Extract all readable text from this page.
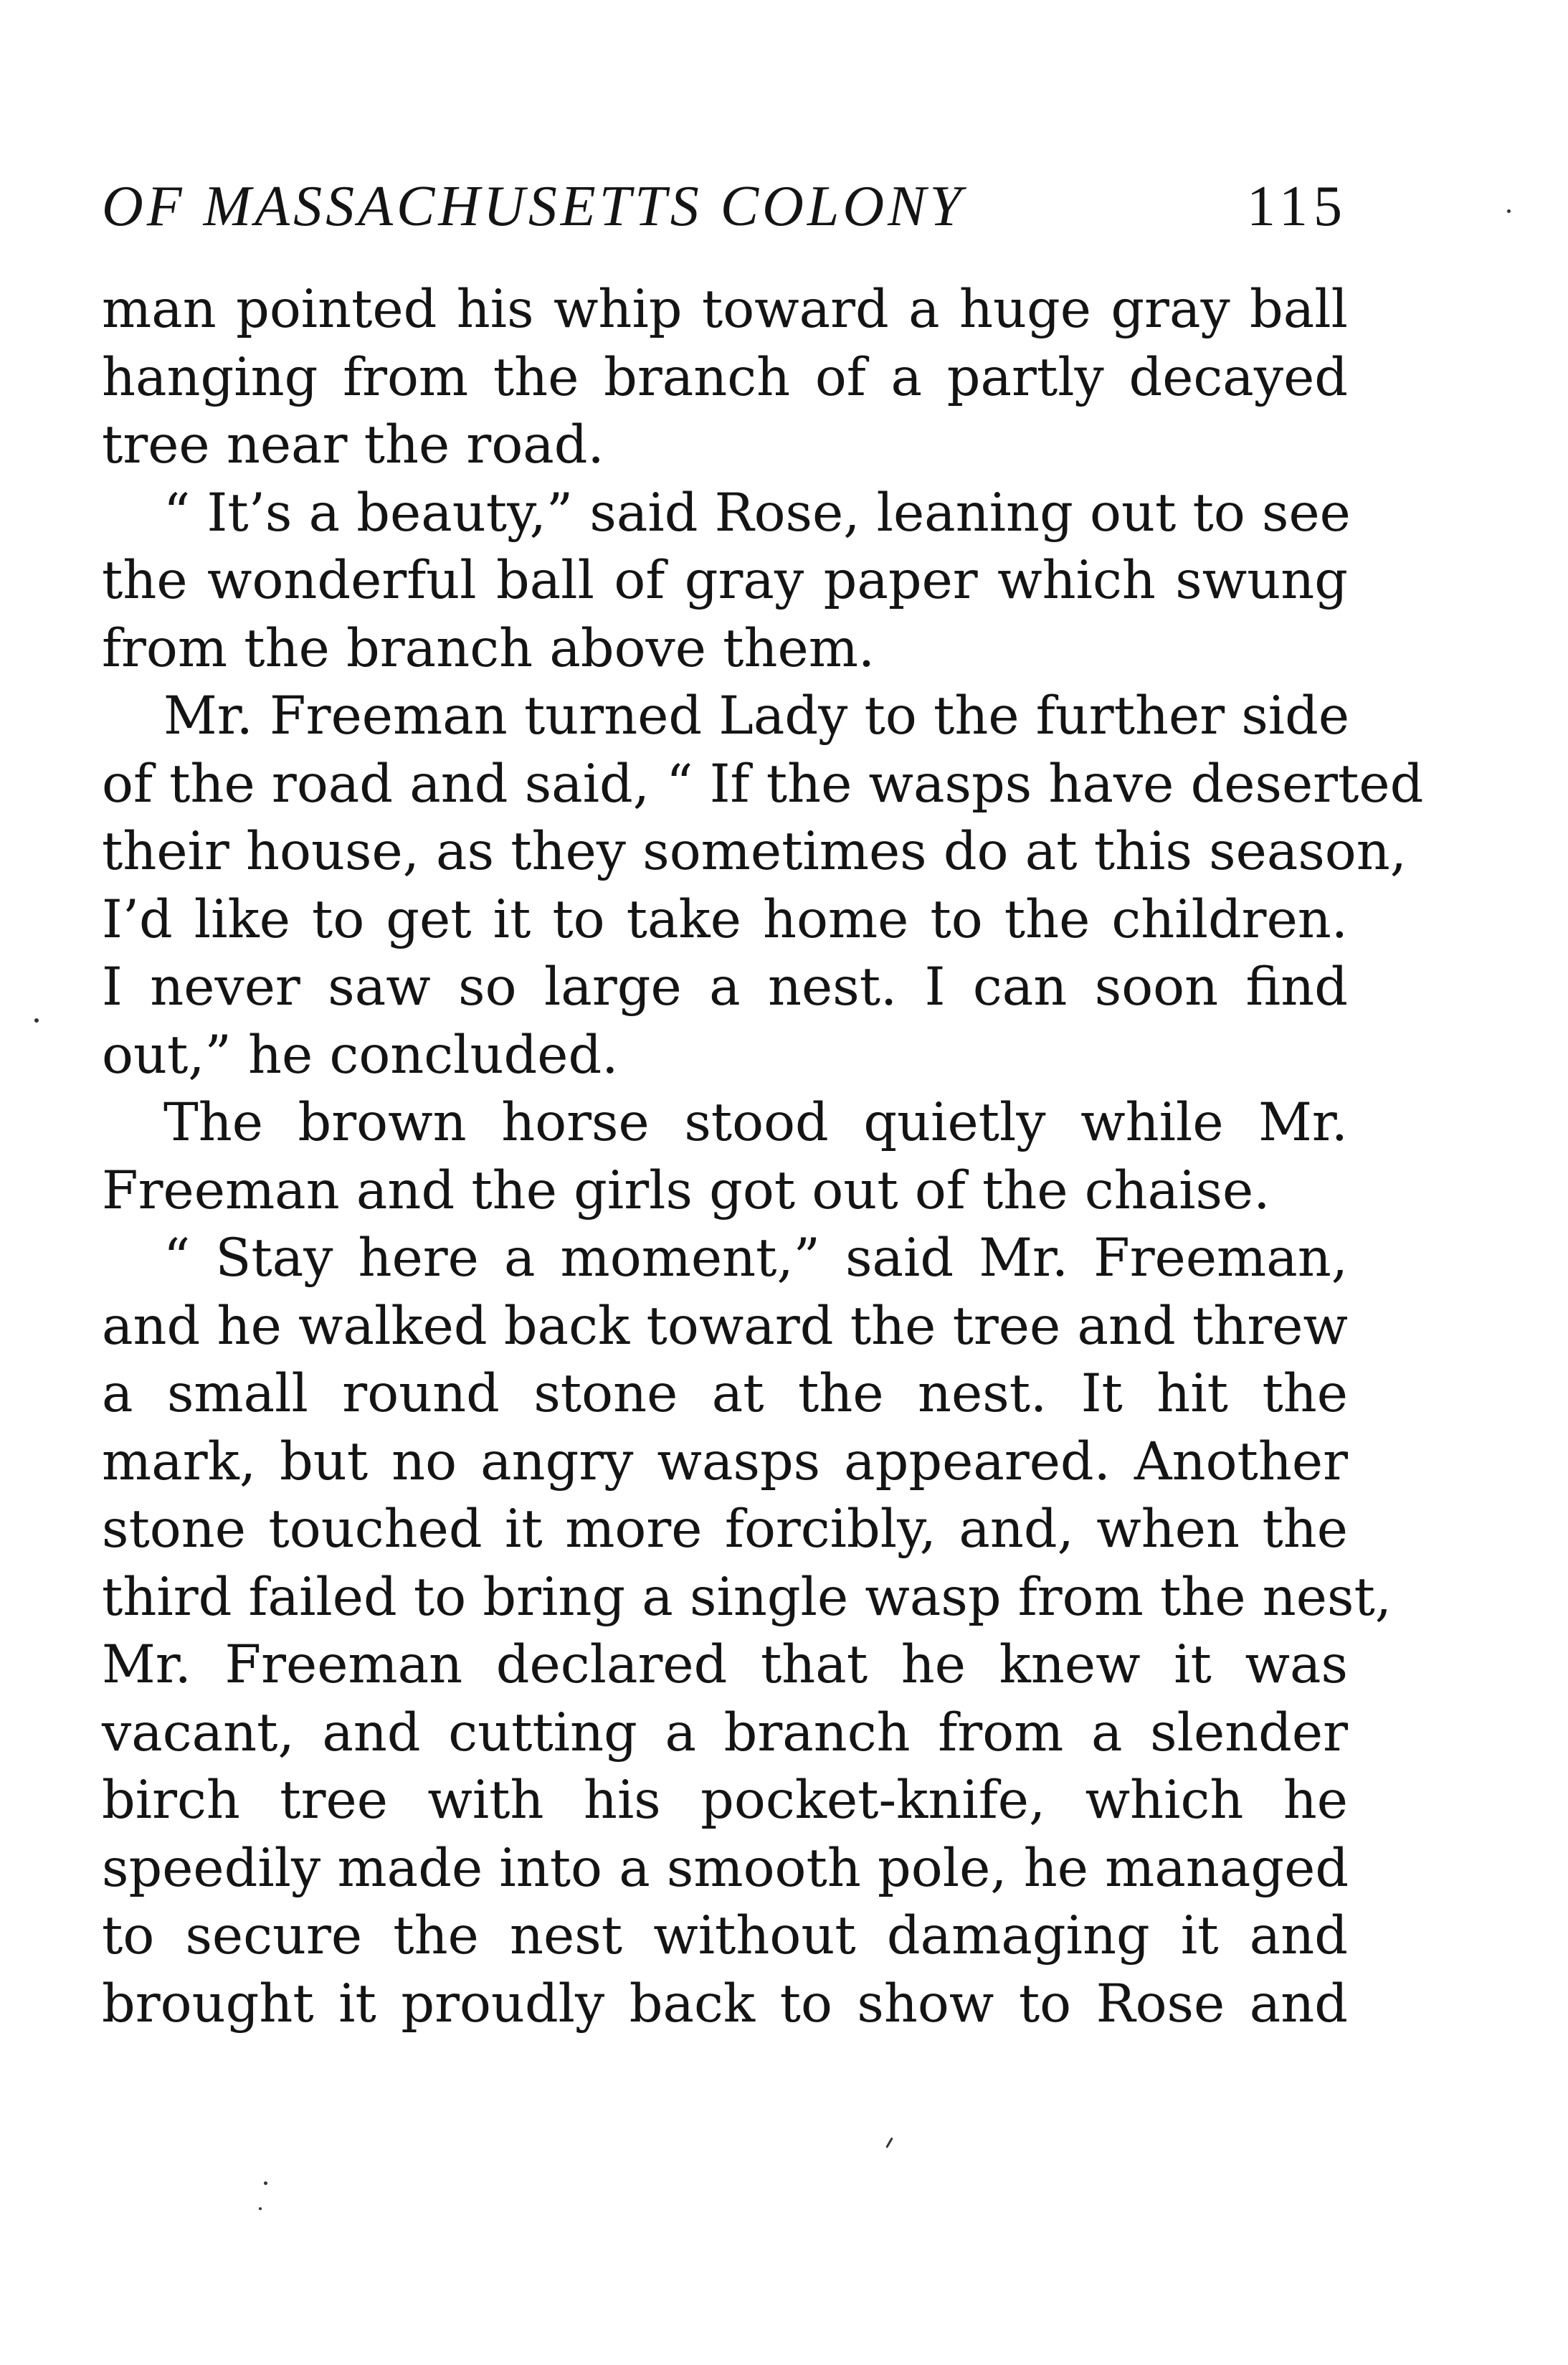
OF MASSACHUSETTS COLONY	115

man pointed his whip toward a huge gray ball
hanging from the branch of a partly decayed
tree near the road.

“ It’s a beauty,” said Rose, leaning out to see
the wonderful ball of gray paper which swung
from the branch above them.

Mr. Freeman turned Lady to the further side
of the road and said, “ If the wasps have deserted
their house, as they sometimes do at this season,
I’d like to get it to take home to the children.
I never saw so large a nest. I can soon find
out,” he concluded.

The brown horse stood quietly while Mr.
Freeman and the girls got out of the chaise.

“ Stay here a moment,” said Mr. Freeman,
and he walked back toward the tree and threw
a small round stone at the nest. It hit the
mark, but no angry wasps appeared. Another
stone touched it more forcibly, and, when the
third failed to bring a single wasp from the nest,
Mr. Freeman declared that he knew it was
vacant, and cutting a branch from a slender
birch tree with his pocket-knife, which he
speedily made into a smooth pole, he managed
to secure the nest without damaging it and
brought it proudly back to show to Rose and
